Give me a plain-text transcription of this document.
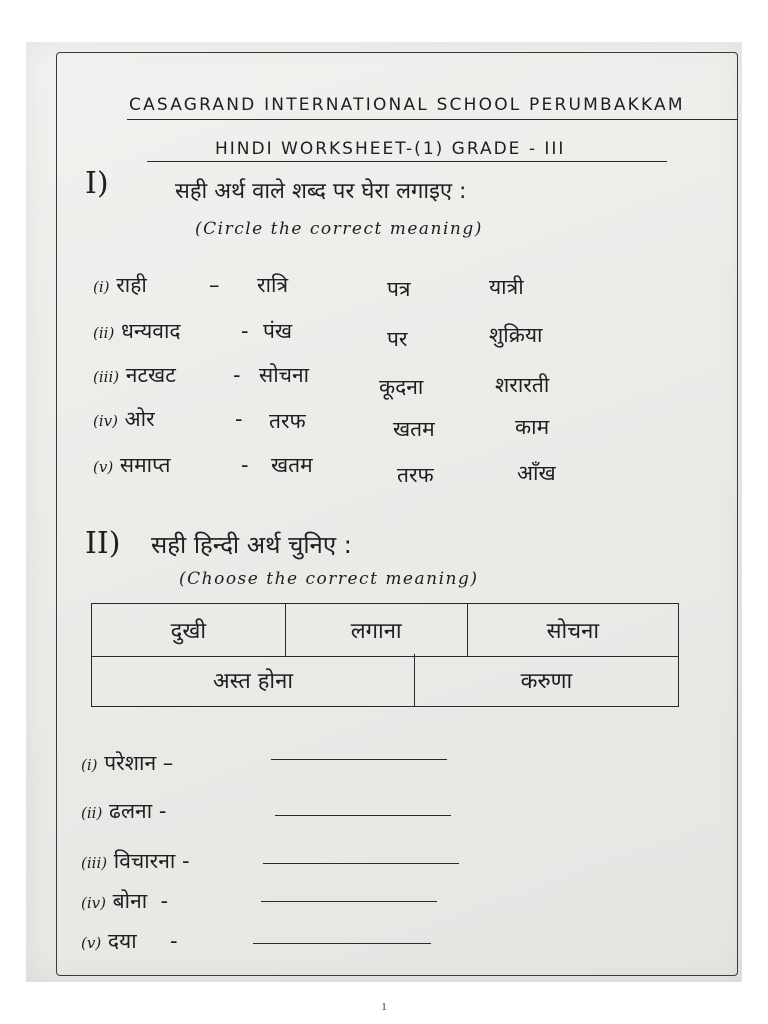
CASAGRAND INTERNATIONAL SCHOOL PERUMBAKKAM
HINDI WORKSHEET-(1) GRADE - III
I)	सही अर्थ वाले शब्द पर घेरा लगाइए :
(Circle the correct meaning)
(i) राही	– रात्रि	पत्र	यात्री
(ii) धन्यवाद	- पंख	पर	शुक्रिया
(iii) नटखट	- सोचना	कूदना	शरारती
(iv) ओर	- तरफ	खतम	काम
(v) समाप्त	- खतम	तरफ	आँख
II) सही हिन्दी अर्थ चुनिए :
(Choose the correct meaning)
दुखी	लगाना	सोचना
अस्त होना	करुणा
(i) परेशान –
(ii) ढलना -
(iii) विचारना -
(iv) बोना  -
(v) दया     -
1
